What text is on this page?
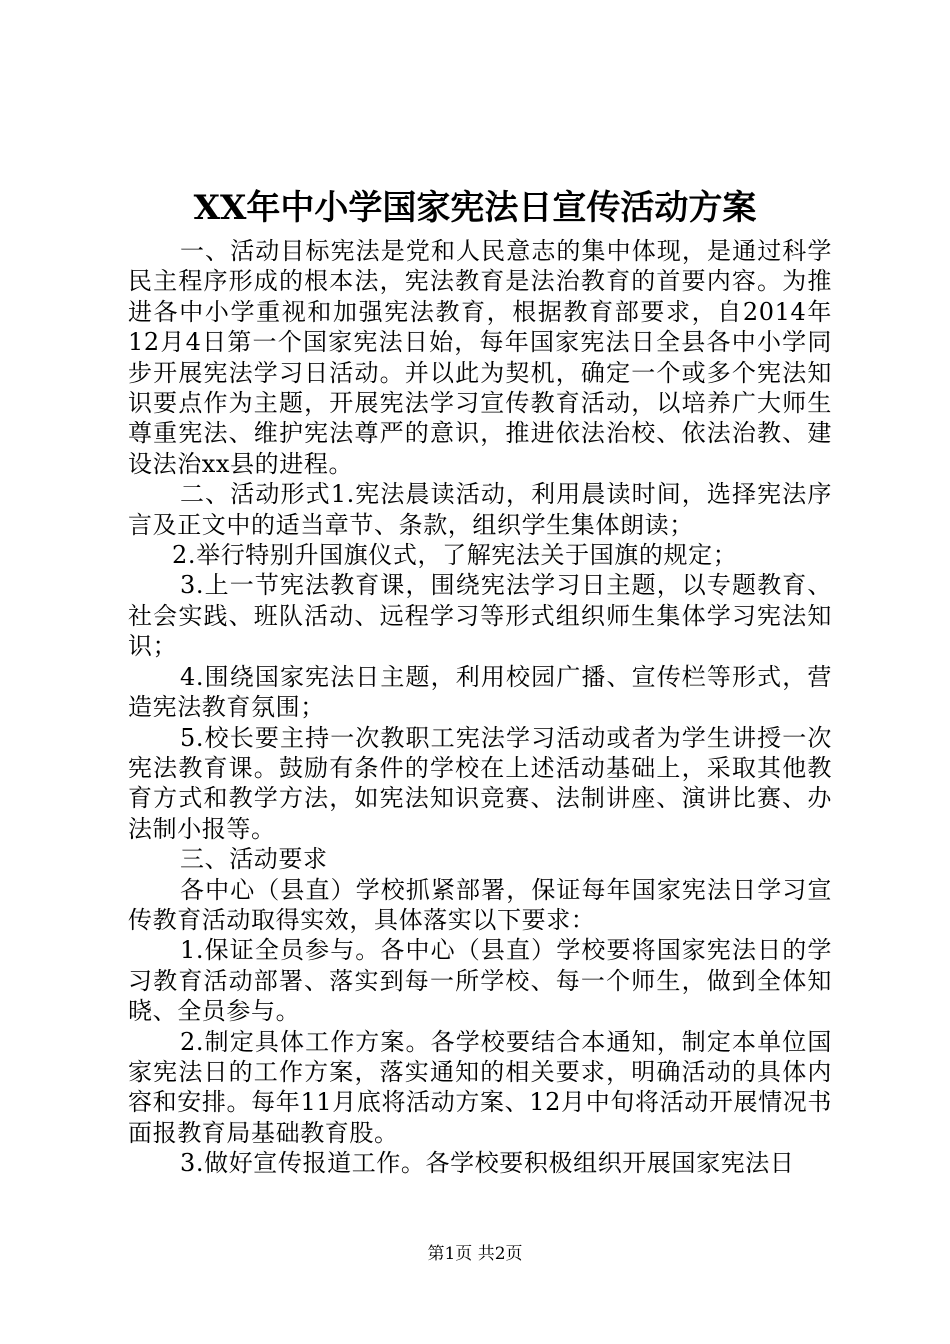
XX年中小学国家宪法日宣传活动方案

一、活动目标宪法是党和人民意志的集中体现，是通过科学民主程序形成的根本法，宪法教育是法治教育的首要内容。为推进各中小学重视和加强宪法教育，根据教育部要求，自2014年12月4日第一个国家宪法日始，每年国家宪法日全县各中小学同步开展宪法学习日活动。并以此为契机，确定一个或多个宪法知识要点作为主题，开展宪法学习宣传教育活动，以培养广大师生尊重宪法、维护宪法尊严的意识，推进依法治校、依法治教、建设法治xx县的进程。

二、活动形式1.宪法晨读活动，利用晨读时间，选择宪法序言及正文中的适当章节、条款，组织学生集体朗读；

2.举行特别升国旗仪式，了解宪法关于国旗的规定；

3.上一节宪法教育课，围绕宪法学习日主题，以专题教育、社会实践、班队活动、远程学习等形式组织师生集体学习宪法知识；

4.围绕国家宪法日主题，利用校园广播、宣传栏等形式，营造宪法教育氛围；

5.校长要主持一次教职工宪法学习活动或者为学生讲授一次宪法教育课。鼓励有条件的学校在上述活动基础上，采取其他教育方式和教学方法，如宪法知识竞赛、法制讲座、演讲比赛、办法制小报等。

三、活动要求

各中心（县直）学校抓紧部署，保证每年国家宪法日学习宣传教育活动取得实效，具体落实以下要求：

1.保证全员参与。各中心（县直）学校要将国家宪法日的学习教育活动部署、落实到每一所学校、每一个师生，做到全体知晓、全员参与。

2.制定具体工作方案。各学校要结合本通知，制定本单位国家宪法日的工作方案，落实通知的相关要求，明确活动的具体内容和安排。每年11月底将活动方案、12月中旬将活动开展情况书面报教育局基础教育股。

3.做好宣传报道工作。各学校要积极组织开展国家宪法日

第1页 共2页
